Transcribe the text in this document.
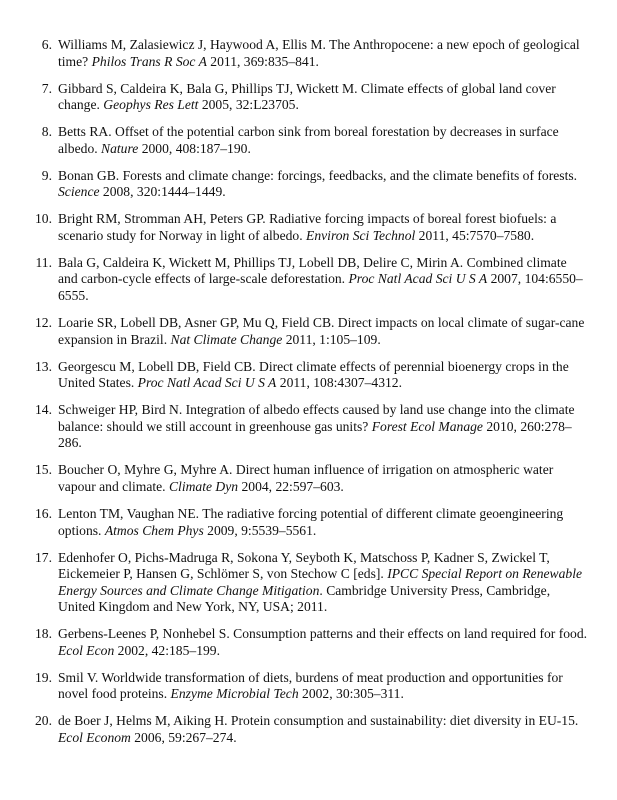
6. Williams M, Zalasiewicz J, Haywood A, Ellis M. The Anthropocene: a new epoch of geological time? Philos Trans R Soc A 2011, 369:835–841.
7. Gibbard S, Caldeira K, Bala G, Phillips TJ, Wickett M. Climate effects of global land cover change. Geophys Res Lett 2005, 32:L23705.
8. Betts RA. Offset of the potential carbon sink from boreal forestation by decreases in surface albedo. Nature 2000, 408:187–190.
9. Bonan GB. Forests and climate change: forcings, feedbacks, and the climate benefits of forests. Science 2008, 320:1444–1449.
10. Bright RM, Stromman AH, Peters GP. Radiative forcing impacts of boreal forest biofuels: a scenario study for Norway in light of albedo. Environ Sci Technol 2011, 45:7570–7580.
11. Bala G, Caldeira K, Wickett M, Phillips TJ, Lobell DB, Delire C, Mirin A. Combined climate and carbon-cycle effects of large-scale deforestation. Proc Natl Acad Sci U S A 2007, 104:6550–6555.
12. Loarie SR, Lobell DB, Asner GP, Mu Q, Field CB. Direct impacts on local climate of sugar-cane expansion in Brazil. Nat Climate Change 2011, 1:105–109.
13. Georgescu M, Lobell DB, Field CB. Direct climate effects of perennial bioenergy crops in the United States. Proc Natl Acad Sci U S A 2011, 108:4307–4312.
14. Schweiger HP, Bird N. Integration of albedo effects caused by land use change into the climate balance: should we still account in greenhouse gas units? Forest Ecol Manage 2010, 260:278–286.
15. Boucher O, Myhre G, Myhre A. Direct human influence of irrigation on atmospheric water vapour and climate. Climate Dyn 2004, 22:597–603.
16. Lenton TM, Vaughan NE. The radiative forcing potential of different climate geoengineering options. Atmos Chem Phys 2009, 9:5539–5561.
17. Edenhofer O, Pichs-Madruga R, Sokona Y, Seyboth K, Matschoss P, Kadner S, Zwickel T, Eickemeier P, Hansen G, Schlömer S, von Stechow C [eds]. IPCC Special Report on Renewable Energy Sources and Climate Change Mitigation. Cambridge University Press, Cambridge, United Kingdom and New York, NY, USA; 2011.
18. Gerbens-Leenes P, Nonhebel S. Consumption patterns and their effects on land required for food. Ecol Econ 2002, 42:185–199.
19. Smil V. Worldwide transformation of diets, burdens of meat production and opportunities for novel food proteins. Enzyme Microbial Tech 2002, 30:305–311.
20. de Boer J, Helms M, Aiking H. Protein consumption and sustainability: diet diversity in EU-15. Ecol Econom 2006, 59:267–274.
